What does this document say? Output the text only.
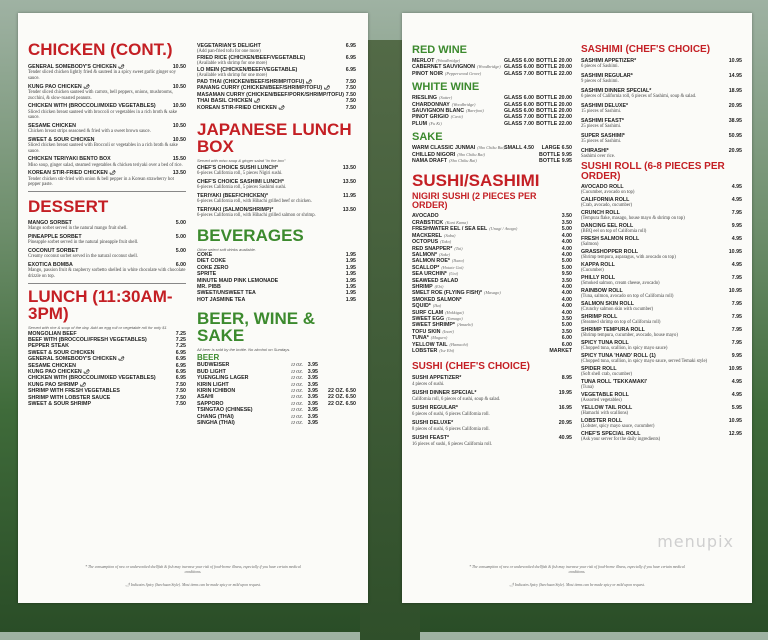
CHICKEN (CONT.)
GENERAL SOMEBODY'S CHICKEN 🌶	10.50
Tender sliced chicken lightly fried & sauteed in a spicy sweet garlic ginger soy sauce.
KUNG PAO CHICKEN 🌶	10.50
Tender sliced chicken sauteed with carrots, bell peppers, onions, mushrooms, zucchini, & slow-roasted peanuts.
CHICKEN WITH (BROCCOLI/MIXED VEGETABLES)	10.50
Sliced chicken breast sauteed with broccoli or vegetables in a rich broth & sake sauce.
SESAME CHICKEN	10.50
Chicken breast strips seasoned & fried with a sweet brown sauce.
SWEET & SOUR CHICKEN	10.50
Sliced chicken breast sauteed with Broccoli or vegetables in a rich broth & sake sauce.
CHICKEN TERIYAKI BENTO BOX	15.50
Miso soup, ginger salad, steamed vegetables & chicken teriyaki over a bed of rice.
KOREAN STIR-FRIED CHICKEN 🌶	13.50
Tender chicken stir-fried with onion & bell pepper in a Korean strawberry hot pepper paste.
DESSERT
MANGO SORBET	5.00
Mango sorbet served in the natural mango fruit shell.
PINEAPPLE SORBET	5.00
Pineapple sorbet served in the natural pineapple fruit shell.
COCONUT SORBET	5.00
Creamy coconut sorbet served in the natural coconut shell.
EXOTICA BOMBA	6.00
Mango, passion fruit & raspberry sorbetto shelled in white chocolate with chocolate drizzle on top.
LUNCH (11:30AM-3PM)
Served with rice & soup of the day. Add an egg roll or vegetable roll for only $1
MONGOLIAN BEEF	7.25
BEEF WITH (BROCCOLI/FRESH VEGETABLES)	7.25
PEPPER STEAK	7.25
SWEET & SOUR CHICKEN	6.95
GENERAL SOMEBODY'S CHICKEN 🌶	6.95
SESAME CHICKEN	6.95
KUNG PAO CHICKEN 🌶	6.95
CHICKEN WITH (BROCCOLI/MIXED VEGETABLES)	6.95
KUNG PAO SHRIMP 🌶	7.50
SHRIMP WITH FRESH VEGETABLES	7.50
SHRIMP WITH LOBSTER SAUCE	7.50
SWEET & SOUR SHRIMP	7.50
VEGETARIAN'S DELIGHT	6.95
(Add pan-fried tofu for one more)
FRIED RICE (CHICKEN/BEEF/VEGETABLE)	6.95
(Available with shrimp for one more)
LO MEIN (CHICKEN/BEEF/VEGETABLE)	6.95
(Available with shrimp for one more)
PAD THAI (CHICKEN/BEEF/SHRIMP/TOFU) 🌶	7.50
PANANG CURRY (CHICKEN/BEEF/SHRIMP/TOFU) 🌶	7.50
MASAMAN CURRY (CHICKEN/BEEF/PORK/SHRIMP/TOFU) 7.50
THAI BASIL CHICKEN 🌶	7.50
KOREAN STIR-FRIED CHICKEN 🌶	7.50
JAPANESE LUNCH BOX
Served with miso soup & ginger salad "to the box"
CHEF'S CHOICE SUSHI LUNCH*	13.50
6-pieces California roll, 5 pieces Nigiri sushi.
CHEF'S CHOICE SASHIMI LUNCH*	13.50
6-pieces California roll, 5 pieces Sashimi sushi.
TERIYAKI (BEEF/CHICKEN)*	11.95
6-pieces California roll, with Hibachi grilled beef or chicken.
TERIYAKI (SALMON/SHRIMP)*	13.50
6-pieces California roll, with Hibachi grilled salmon or shrimp.
BEVERAGES
Other select soft drinks available.
COKE	1.95
DIET COKE	1.95
COKE ZERO	1.95
SPRITE	1.95
MINUTE MAID PINK LEMONADE	1.95
MR. PIBB	1.95
SWEET/UNSWEET TEA	1.95
HOT JASMINE TEA	1.95
BEER, WINE & SAKE
All beer is sold by the bottle. No alcohol on Sundays.
BEER
BUDWEISER	12 OZ. 3.95
BUD LIGHT	12 OZ. 3.95
YUENGLING LAGER	12 OZ. 3.95
KIRIN LIGHT	12 OZ. 3.95
KIRIN ICHIBON	12 OZ. 3.95 22 OZ. 6.50
ASAHI	12 OZ. 3.95 22 OZ. 6.50
SAPPORO	12 OZ. 3.95 22 OZ. 6.50
TSINGTAO (CHINESE)	12 OZ. 3.95
CHANG (THAI)	12 OZ. 3.95
SINGHA (THAI)	12 OZ. 3.95
* The consumption of raw or undercooked shellfish & fish may increase your risk of food-borne illness, especially if you have certain medical conditions.
🌶 Indicates Spicy (Szechuan Style). Most items can be made spicy or mild upon request.
RED WINE
MERLOT (Woodbridge)	GLASS 6.00 BOTTLE 20.00
CABERNET SAUVIGNON (Woodbridge) GLASS 6.00 BOTTLE 20.00
PINOT NOIR (Pepperwood Grove)	GLASS 7.00 BOTTLE 22.00
WHITE WINE
RIESLING (Sutter)	GLASS 6.00 BOTTLE 20.00
CHARDONNAY (Woodbridge)	GLASS 6.00 BOTTLE 20.00
SAUVIGNON BLANC (Barefoot)	GLASS 6.00 BOTTLE 20.00
PINOT GRIGIO (Cavit)	GLASS 7.00 BOTTLE 22.00
PLUM (Fu Ki)	GLASS 7.00 BOTTLE 22.00
SAKE
WARM CLASSIC JUNMAI (Sho Chiku Bai) SMALL 4.50 LARGE 6.50
CHILLED NIGORI (Sho Chiku Bai)	BOTTLE 9.95
NAMA DRAFT (Sho Chiku Bai)	BOTTLE 9.95
SUSHI/SASHIMI
NIGIRI SUSHI (2 PIECES PER ORDER)
AVOCADO	3.50
CRABSTICK (Kani Kama)	3.50
FRESHWATER EEL / SEA EEL (Unagi / Anago)	5.00
MACKEREL (Saba)	4.00
OCTOPUS (Tako)	4.00
RED SNAPPER* (Tai)	4.00
SALMON* (Sake)	4.00
SALMON ROE* (Ikura)	5.00
SCALLOP* (Hotate Gai)	5.00
SEA URCHIN* (Uni)	9.50
SEAWEED SALAD	3.50
SHRIMP (Ebi)	4.00
SMELT ROE (FLYING FISH)* (Masago)	4.00
SMOKED SALMON*	4.00
SQUID* (Ika)	4.00
SURF CLAM (Hokkigai)	4.00
SWEET EGG (Tamago)	3.50
SWEET SHRIMP* (Amaebi)	5.00
TOFU SKIN (Inari)	3.50
TUNA* (Maguro)	6.00
YELLOW TAIL (Hamachi)	6.00
LOBSTER (Ise Ebi)	MARKET
SUSHI (CHEF'S CHOICE)
SUSHI APPETIZER*	8.95
4 pieces of sushi.
SUSHI DINNER SPECIAL*	19.95
California roll, 6 pieces of sushi, soup & salad.
SUSHI REGULAR*	16.95
6 pieces of sushi, 6 pieces California roll.
SUSHI DELUXE*	20.95
8 pieces of sushi, 6 pieces California roll.
SUSHI FEAST*	40.95
16 pieces of sushi, 6 pieces California roll.
SASHIMI (CHEF'S CHOICE)
SASHIMI APPETIZER*	10.95
6 pieces of Sashimi.
SASHIMI REGULAR*	14.95
9 pieces of Sashimi.
SASHIMI DINNER SPECIAL*	18.95
6 pieces of California roll, 6 pieces of Sashimi, soup & salad.
SASHIMI DELUXE*	20.95
15 pieces of Sashimi.
SASHIMI FEAST*	38.95
25 pieces of Sashimi.
SUPER SASHIMI*	50.95
35 pieces of Sashimi.
CHIRASHI*	20.95
Sashimi over rice.
SUSHI ROLL (6-8 PIECES PER ORDER)
AVOCADO ROLL	4.95
(Cucumber, avocado on top)
CALIFORNIA ROLL	4.95
(Crab, avocado, cucumber)
CRUNCH ROLL	7.95
(Tempura flake, masago, house mayo & shrimp on top)
DANCING EEL ROLL	9.95
(BBQ eel on top of California roll)
FRESH SALMON ROLL	4.95
(Salmon)
GRASSHOPPER ROLL	10.95
(Shrimp tempura, asparagus, with avocado on top)
KAPPA ROLL	4.95
(Cucumber)
PHILLY ROLL	7.95
(Smoked salmon, cream cheese, avocado)
RAINBOW ROLL	10.95
(Tuna, salmon, avocado on top of California roll)
SALMON SKIN ROLL	7.95
(Crunchy salmon skin with cucumber)
SHRIMP ROLL	7.95
(Steamed shrimp on top of California roll)
SHRIMP TEMPURA ROLL	7.95
(Shrimp tempura, cucumber, avocado, house mayo)
SPICY TUNA ROLL	7.95
(Chopped tuna, scallion, in spicy mayo sauce)
SPICY TUNA 'HAND' ROLL (1)	9.95
(Chopped tuna, scallion, in spicy mayo sauce, served Temaki style)
SPIDER ROLL	10.95
(Soft shell crab, cucumber)
TUNA ROLL 'TEKKAMAKI'	4.95
(Tuna)
VEGETABLE ROLL	4.95
(Assorted vegetables)
YELLOW TAIL ROLL	5.95
(Hamachi with scallions)
LOBSTER ROLL	10.95
(Lobster, spicy mayo sauce, cucumber)
CHEF'S SPECIAL ROLL	12.95
(Ask your server for the daily ingredients)
* The consumption of raw or undercooked shellfish & fish may increase your risk of food-borne illness, especially if you have certain medical conditions.
🌶 Indicates Spicy (Szechuan Style). Most items can be made spicy or mild upon request.
menupix
